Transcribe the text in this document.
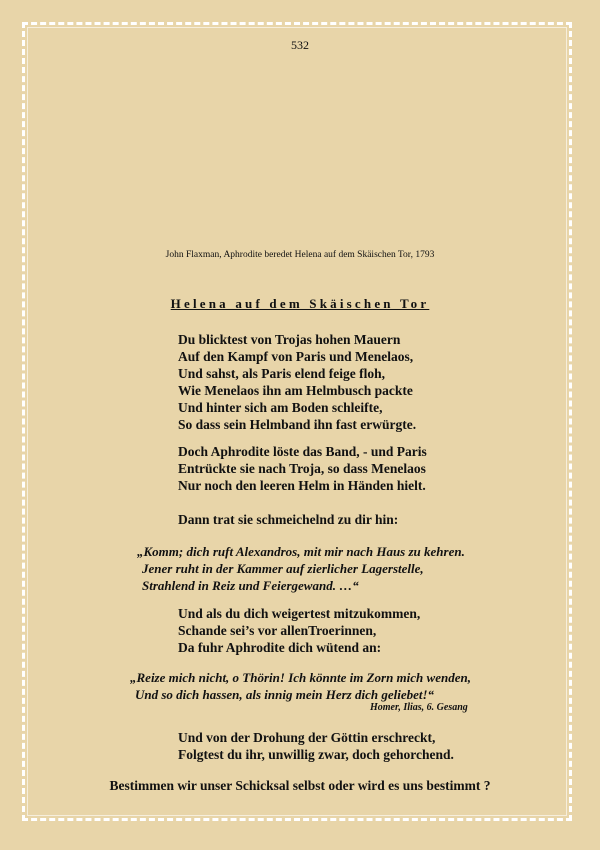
532
John Flaxman, Aphrodite beredet Helena auf dem Skäischen Tor, 1793
Helena auf dem Skäischen Tor
Du blicktest von Trojas hohen Mauern
Auf den Kampf von Paris und Menelaos,
Und sahst, als Paris elend feige floh,
Wie Menelaos ihn am Helmbusch packte
Und hinter sich am Boden schleifte,
So dass sein Helmband ihn fast erwürgte.
Doch Aphrodite löste das Band, - und Paris
Entrückte sie nach Troja, so dass Menelaos
Nur noch den leeren Helm in Händen hielt.
Dann trat sie schmeichelnd zu dir hin:
„Komm; dich ruft Alexandros, mit mir nach Haus zu kehren.
Jener ruht in der Kammer auf zierlicher Lagerstelle,
Strahlend in Reiz und Feiergewand. …“
Und als du dich weigertest mitzukommen,
Schande sei’s vor allenTroerinnen,
Da fuhr Aphrodite dich wütend an:
„Reize mich nicht, o Thörin! Ich könnte im Zorn mich wenden,
Und so dich hassen, als innig mein Herz dich geliebet!“
Homer, Ilias, 6. Gesang
Und von der Drohung der Göttin erschreckt,
Folgtest du ihr, unwillig zwar, doch gehorchend.
Bestimmen wir unser Schicksal selbst oder wird es uns bestimmt ?
